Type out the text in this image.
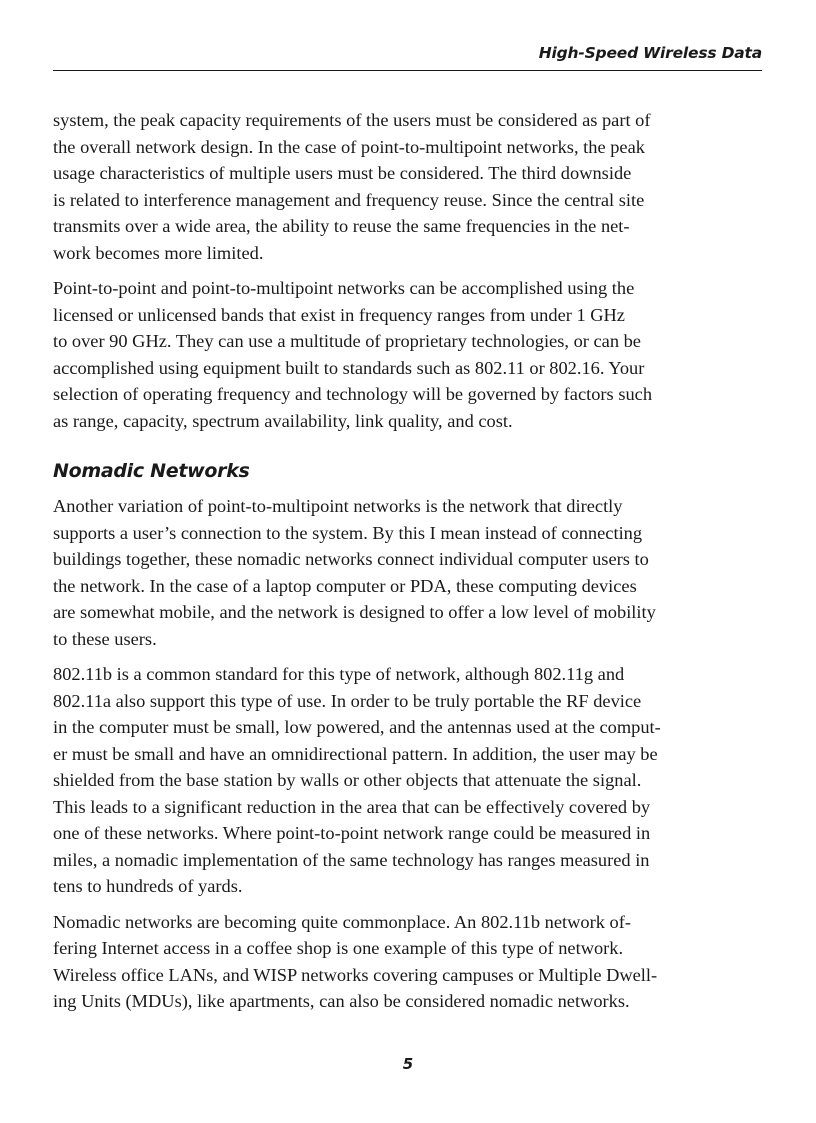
High-Speed Wireless Data

system, the peak capacity requirements of the users must be considered as part of
the overall network design. In the case of point-to-multipoint networks, the peak
usage characteristics of multiple users must be considered. The third downside
is related to interference management and frequency reuse. Since the central site
transmits over a wide area, the ability to reuse the same frequencies in the net-
work becomes more limited.

Point-to-point and point-to-multipoint networks can be accomplished using the
licensed or unlicensed bands that exist in frequency ranges from under 1 GHz
to over 90 GHz. They can use a multitude of proprietary technologies, or can be
accomplished using equipment built to standards such as 802.11 or 802.16. Your
selection of operating frequency and technology will be governed by factors such
as range, capacity, spectrum availability, link quality, and cost.

Nomadic Networks

Another variation of point-to-multipoint networks is the network that directly
supports a user’s connection to the system. By this I mean instead of connecting
buildings together, these nomadic networks connect individual computer users to
the network. In the case of a laptop computer or PDA, these computing devices
are somewhat mobile, and the network is designed to offer a low level of mobility
to these users.

802.11b is a common standard for this type of network, although 802.11g and
802.11a also support this type of use. In order to be truly portable the RF device
in the computer must be small, low powered, and the antennas used at the comput-
er must be small and have an omnidirectional pattern. In addition, the user may be
shielded from the base station by walls or other objects that attenuate the signal.
This leads to a significant reduction in the area that can be effectively covered by
one of these networks. Where point-to-point network range could be measured in
miles, a nomadic implementation of the same technology has ranges measured in
tens to hundreds of yards.

Nomadic networks are becoming quite commonplace. An 802.11b network of-
fering Internet access in a coffee shop is one example of this type of network.
Wireless office LANs, and WISP networks covering campuses or Multiple Dwell-
ing Units (MDUs), like apartments, can also be considered nomadic networks.

5
